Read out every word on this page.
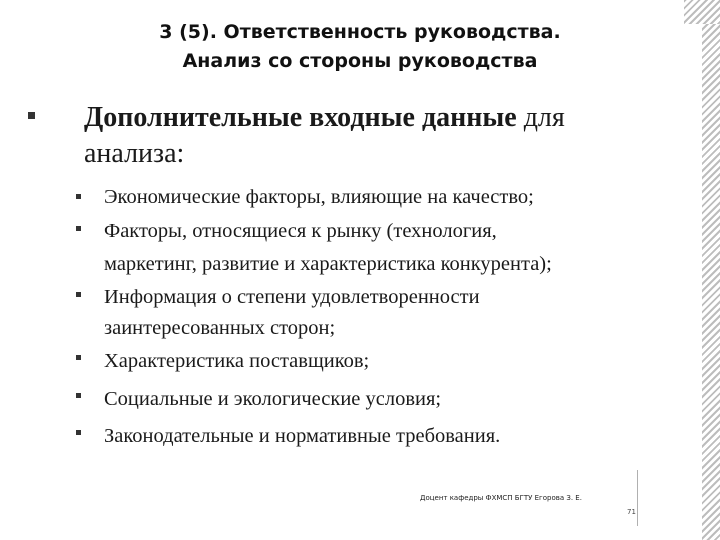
3 (5). Ответственность руководства.
Анализ со стороны руководства
Дополнительные входные данные для
анализа:
Экономические факторы, влияющие на качество;
Факторы, относящиеся к рынку (технология,
маркетинг, развитие и характеристика конкурента);
Информация о степени удовлетворенности
заинтересованных сторон;
Характеристика поставщиков;
Социальные и экологические условия;
Законодательные и нормативные требования.
Доцент кафедры ФХМСП БГТУ Егорова З. Е.
71
